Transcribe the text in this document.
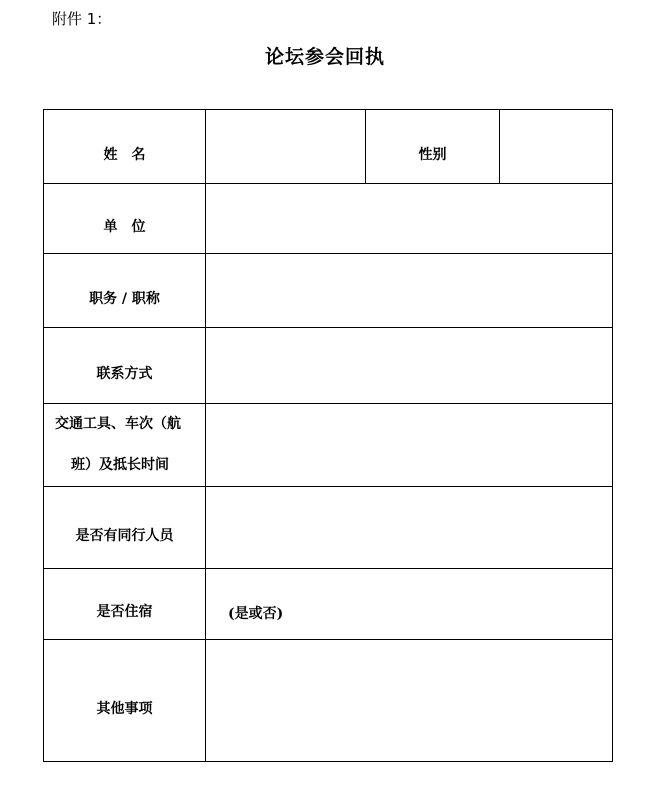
附件 1：
论坛参会回执
姓　名		性别	

单　位			

职务 / 职称			

联系方式			

交通工具、车次（航
班）及抵长时间			

是否有同行人员			

是否住宿	(是或否)		

其他事项			
